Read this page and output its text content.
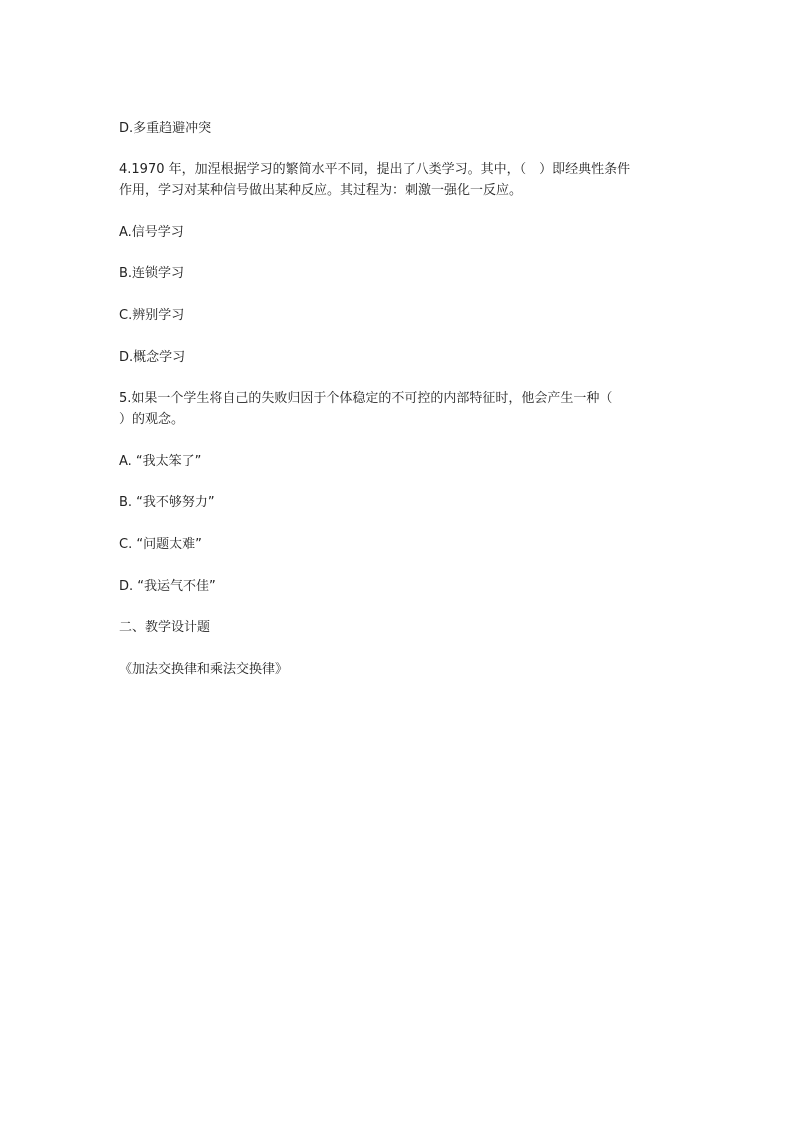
D.多重趋避冲突
4.1970 年，加涅根据学习的繁简水平不同，提出了八类学习。其中，（　）即经典性条件
作用，学习对某种信号做出某种反应。其过程为：刺激一强化一反应。
A.信号学习
B.连锁学习
C.辨别学习
D.概念学习
5.如果一个学生将自己的失败归因于个体稳定的不可控的内部特征时，他会产生一种（
）的观念。
A. “我太笨了”
B. “我不够努力”
C. “问题太难”
D. “我运气不佳”
二、教学设计题
《加法交换律和乘法交换律》
